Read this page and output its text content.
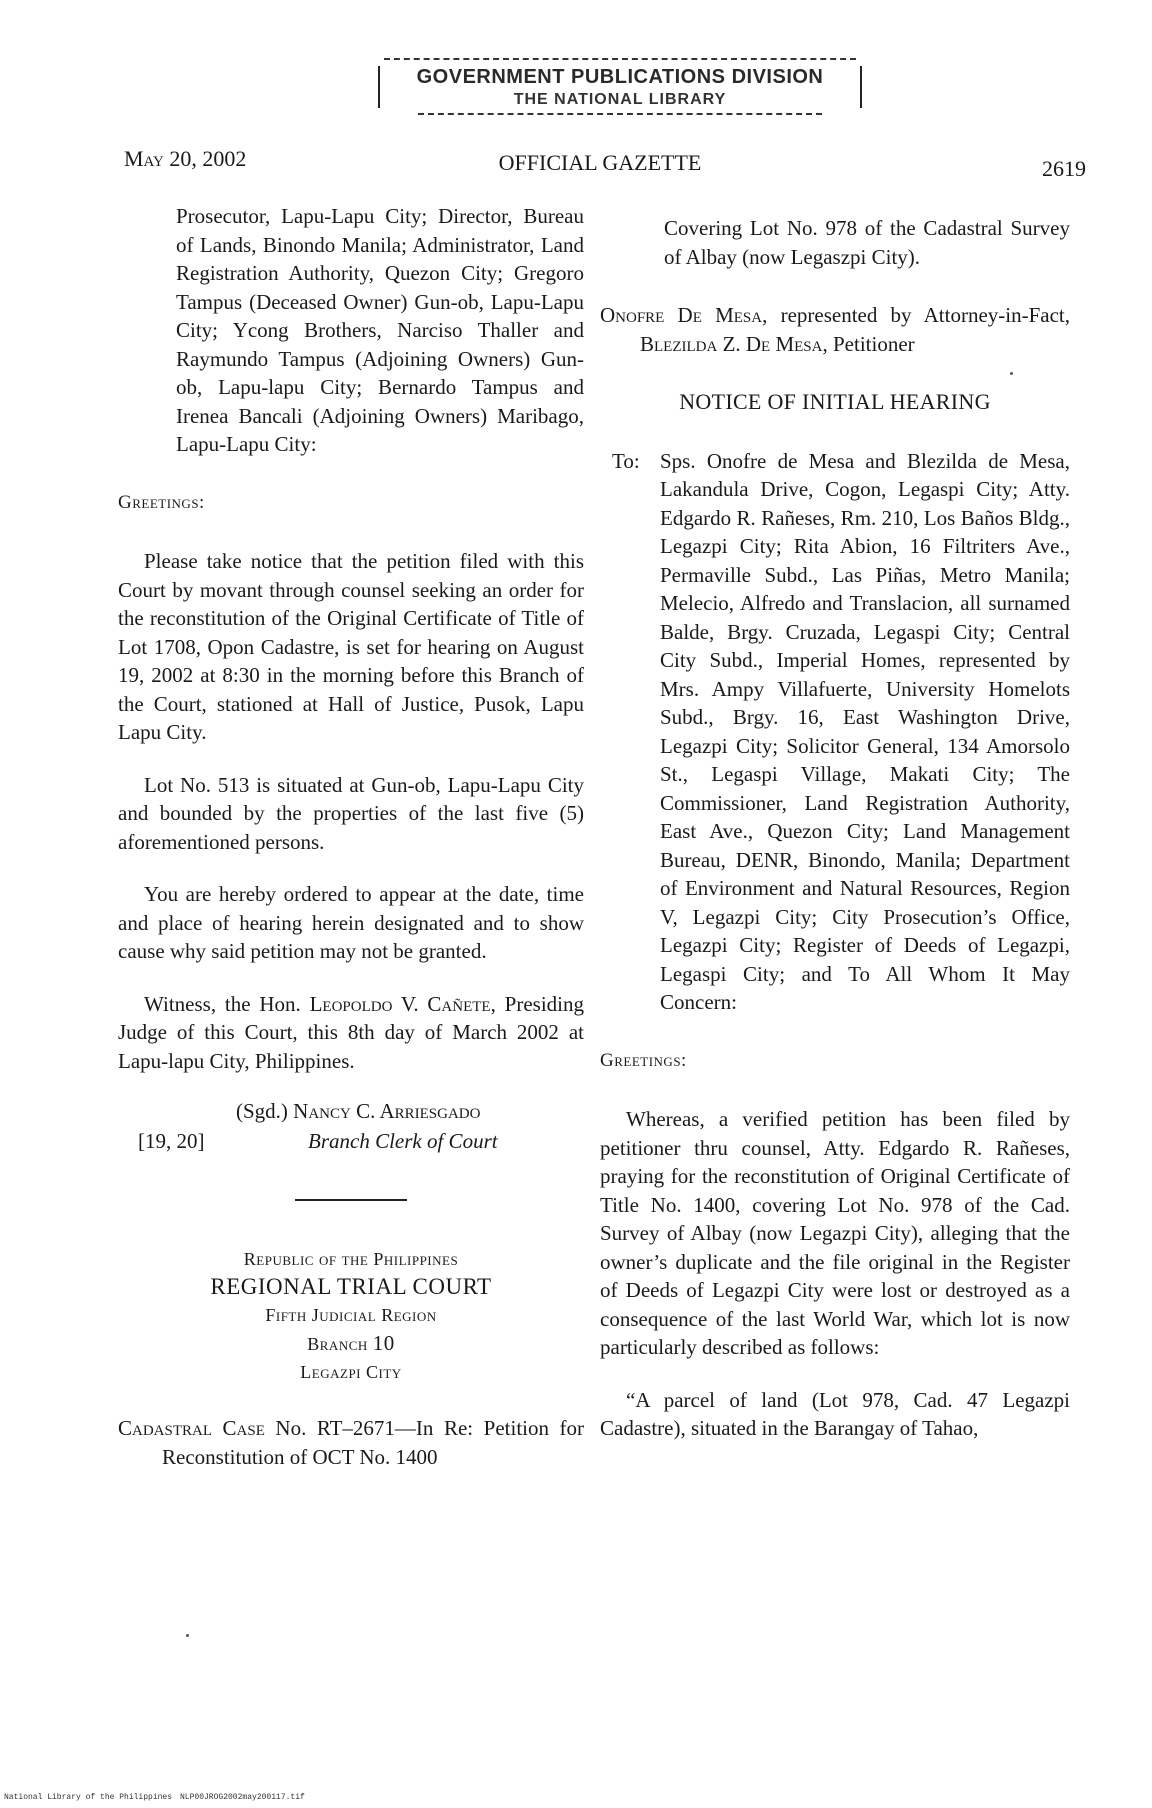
GOVERNMENT PUBLICATIONS DIVISION
THE NATIONAL LIBRARY
May 20, 2002	OFFICIAL GAZETTE	2619

Prosecutor, Lapu-Lapu City; Director, Bureau of Lands, Binondo Manila; Administrator, Land Registration Authority, Quezon City; Gregoro Tampus (Deceased Owner) Gun-ob, Lapu-Lapu City; Ycong Brothers, Narciso Thaller and Raymundo Tampus (Adjoining Owners) Gun-ob, Lapu-lapu City; Bernardo Tampus and Irenea Bancali (Adjoining Owners) Maribago, Lapu-Lapu City:

Greetings:

Please take notice that the petition filed with this Court by movant through counsel seeking an order for the reconstitution of the Original Certificate of Title of Lot 1708, Opon Cadastre, is set for hearing on August 19, 2002 at 8:30 in the morning before this Branch of the Court, stationed at Hall of Justice, Pusok, Lapu Lapu City.

Lot No. 513 is situated at Gun-ob, Lapu-Lapu City and bounded by the properties of the last five (5) aforementioned persons.

You are hereby ordered to appear at the date, time and place of hearing herein designated and to show cause why said petition may not be granted.

Witness, the Hon. Leopoldo V. Cañete, Presiding Judge of this Court, this 8th day of March 2002 at Lapu-lapu City, Philippines.

(Sgd.) Nancy C. Arriesgado
[19, 20]	Branch Clerk of Court
Republic of the Philippines
REGIONAL TRIAL COURT
Fifth Judicial Region
Branch 10
Legazpi City

Cadastral Case No. RT–2671—In Re: Petition for Reconstitution of OCT No. 1400

Covering Lot No. 978 of the Cadastral Survey of Albay (now Legaszpi City).

Onofre De Mesa, represented by Attorney-in-Fact, Blezilda Z. De Mesa, Petitioner

NOTICE OF INITIAL HEARING

To: Sps. Onofre de Mesa and Blezilda de Mesa, Lakandula Drive, Cogon, Legaspi City; Atty. Edgardo R. Rañeses, Rm. 210, Los Baños Bldg., Legazpi City; Rita Abion, 16 Filtriters Ave., Permaville Subd., Las Piñas, Metro Manila; Melecio, Alfredo and Translacion, all surnamed Balde, Brgy. Cruzada, Legaspi City; Central City Subd., Imperial Homes, represented by Mrs. Ampy Villafuerte, University Homelots Subd., Brgy. 16, East Washington Drive, Legazpi City; Solicitor General, 134 Amorsolo St., Legaspi Village, Makati City; The Commissioner, Land Registration Authority, East Ave., Quezon City; Land Management Bureau, DENR, Binondo, Manila; Department of Environment and Natural Resources, Region V, Legazpi City; City Prosecution’s Office, Legazpi City; Register of Deeds of Legazpi, Legaspi City; and To All Whom It May Concern:

Greetings:

Whereas, a verified petition has been filed by petitioner thru counsel, Atty. Edgardo R. Rañeses, praying for the reconstitution of Original Certificate of Title No. 1400, covering Lot No. 978 of the Cad. Survey of Albay (now Legazpi City), alleging that the owner’s duplicate and the file original in the Register of Deeds of Legazpi City were lost or destroyed as a consequence of the last World War, which lot is now particularly described as follows:

“A parcel of land (Lot 978, Cad. 47 Legazpi Cadastre), situated in the Barangay of Tahao,

National Library of the Philippines NLP00JROG2002may200117.tif
